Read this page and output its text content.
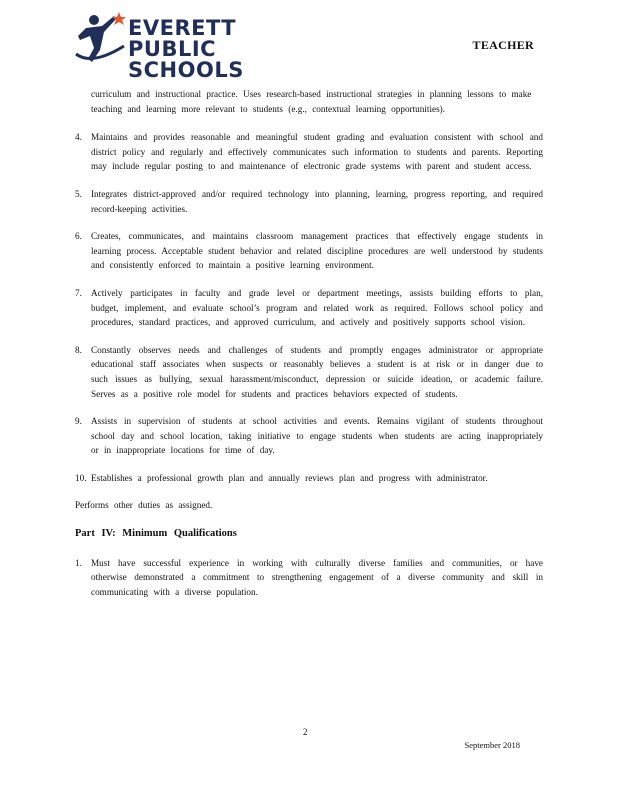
EVERETT
PUBLIC
SCHOOLS
TEACHER

curriculum and instructional practice. Uses research-based instructional strategies in planning lessons to make teaching and learning more relevant to students (e.g., contextual learning opportunities).

4. Maintains and provides reasonable and meaningful student grading and evaluation consistent with school and district policy and regularly and effectively communicates such information to students and parents. Reporting may include regular posting to and maintenance of electronic grade systems with parent and student access.

5. Integrates district-approved and/or required technology into planning, learning, progress reporting, and required record-keeping activities.

6. Creates, communicates, and maintains classroom management practices that effectively engage students in learning process. Acceptable student behavior and related discipline procedures are well understood by students and consistently enforced to maintain a positive learning environment.

7. Actively participates in faculty and grade level or department meetings, assists building efforts to plan, budget, implement, and evaluate school’s program and related work as required. Follows school policy and procedures, standard practices, and approved curriculum, and actively and positively supports school vision.

8. Constantly observes needs and challenges of students and promptly engages administrator or appropriate educational staff associates when suspects or reasonably believes a student is at risk or in danger due to such issues as bullying, sexual harassment/misconduct, depression or suicide ideation, or academic failure. Serves as a positive role model for students and practices behaviors expected of students.

9. Assists in supervision of students at school activities and events. Remains vigilant of students throughout school day and school location, taking initiative to engage students when students are acting inappropriately or in inappropriate locations for time of day.

10. Establishes a professional growth plan and annually reviews plan and progress with administrator.

Performs other duties as assigned.
Part IV: Minimum Qualifications
1. Must have successful experience in working with culturally diverse families and communities, or have otherwise demonstrated a commitment to strengthening engagement of a diverse community and skill in communicating with a diverse population.

2
September 2018
